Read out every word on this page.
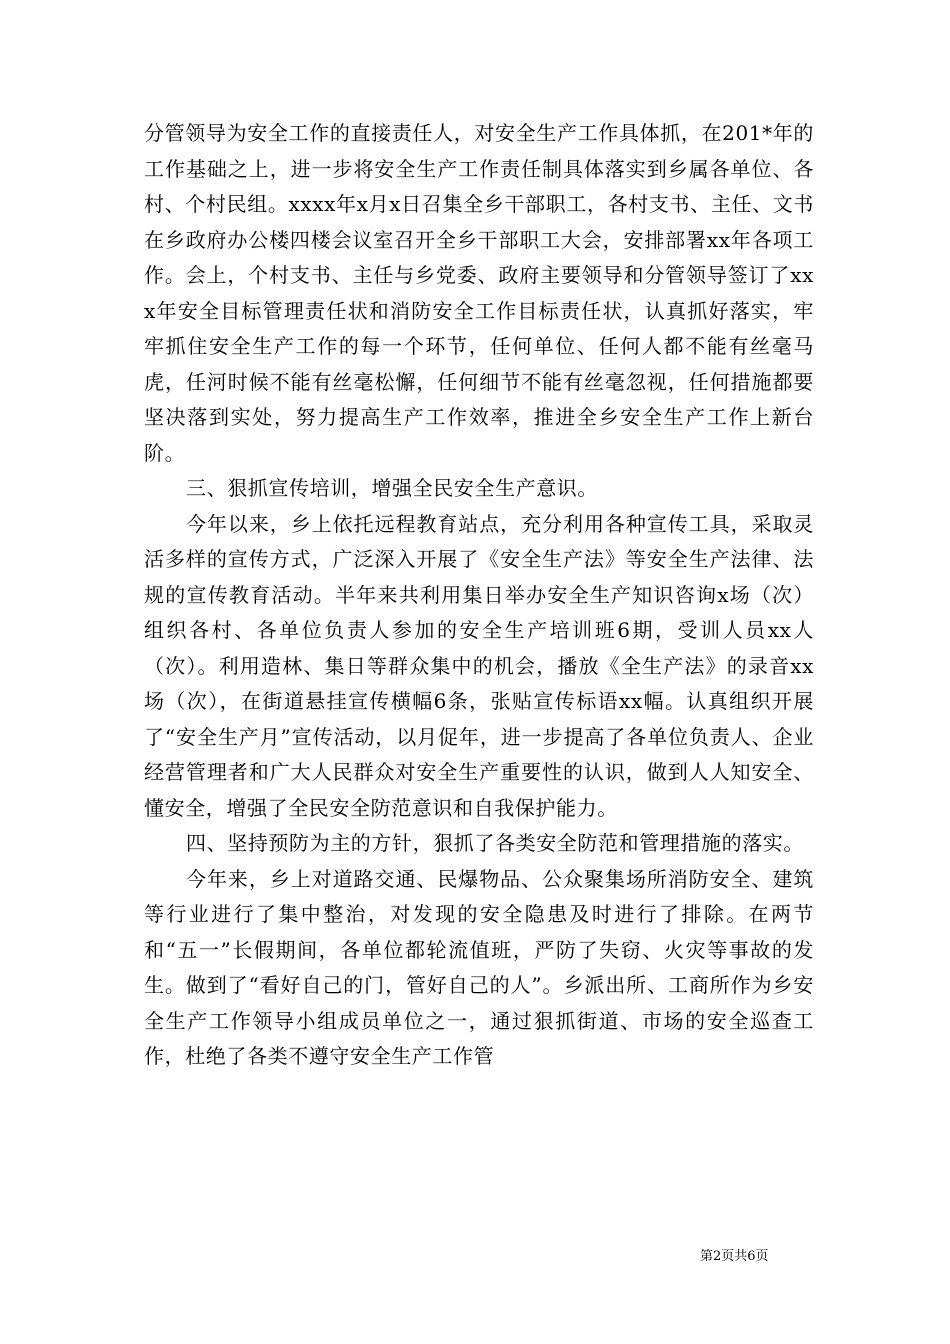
分管领导为安全工作的直接责任人，对安全生产工作具体抓，在201*年的工作基础之上，进一步将安全生产工作责任制具体落实到乡属各单位、各村、个村民组。xxxx年x月x日召集全乡干部职工，各村支书、主任、文书在乡政府办公楼四楼会议室召开全乡干部职工大会，安排部署xx年各项工作。会上，个村支书、主任与乡党委、政府主要领导和分管领导签订了xxx年安全目标管理责任状和消防安全工作目标责任状，认真抓好落实，牢牢抓住安全生产工作的每一个环节，任何单位、任何人都不能有丝毫马虎，任河时候不能有丝毫松懈，任何细节不能有丝毫忽视，任何措施都要坚决落到实处，努力提高生产工作效率，推进全乡安全生产工作上新台阶。

三、狠抓宣传培训，增强全民安全生产意识。

今年以来，乡上依托远程教育站点，充分利用各种宣传工具，采取灵活多样的宣传方式，广泛深入开展了《安全生产法》等安全生产法律、法规的宣传教育活动。半年来共利用集日举办安全生产知识咨询x场（次）组织各村、各单位负责人参加的安全生产培训班6期，受训人员xx人（次）。利用造林、集日等群众集中的机会，播放《全生产法》的录音xx场（次），在街道悬挂宣传横幅6条，张贴宣传标语xx幅。认真组织开展了“安全生产月”宣传活动，以月促年，进一步提高了各单位负责人、企业经营管理者和广大人民群众对安全生产重要性的认识，做到人人知安全、懂安全，增强了全民安全防范意识和自我保护能力。

四、坚持预防为主的方针，狠抓了各类安全防范和管理措施的落实。

今年来，乡上对道路交通、民爆物品、公众聚集场所消防安全、建筑等行业进行了集中整治，对发现的安全隐患及时进行了排除。在两节和“五一”长假期间，各单位都轮流值班，严防了失窃、火灾等事故的发生。做到了“看好自己的门，管好自己的人”。乡派出所、工商所作为乡安全生产工作领导小组成员单位之一，通过狠抓街道、市场的安全巡查工作，杜绝了各类不遵守安全生产工作管

第2页共6页
